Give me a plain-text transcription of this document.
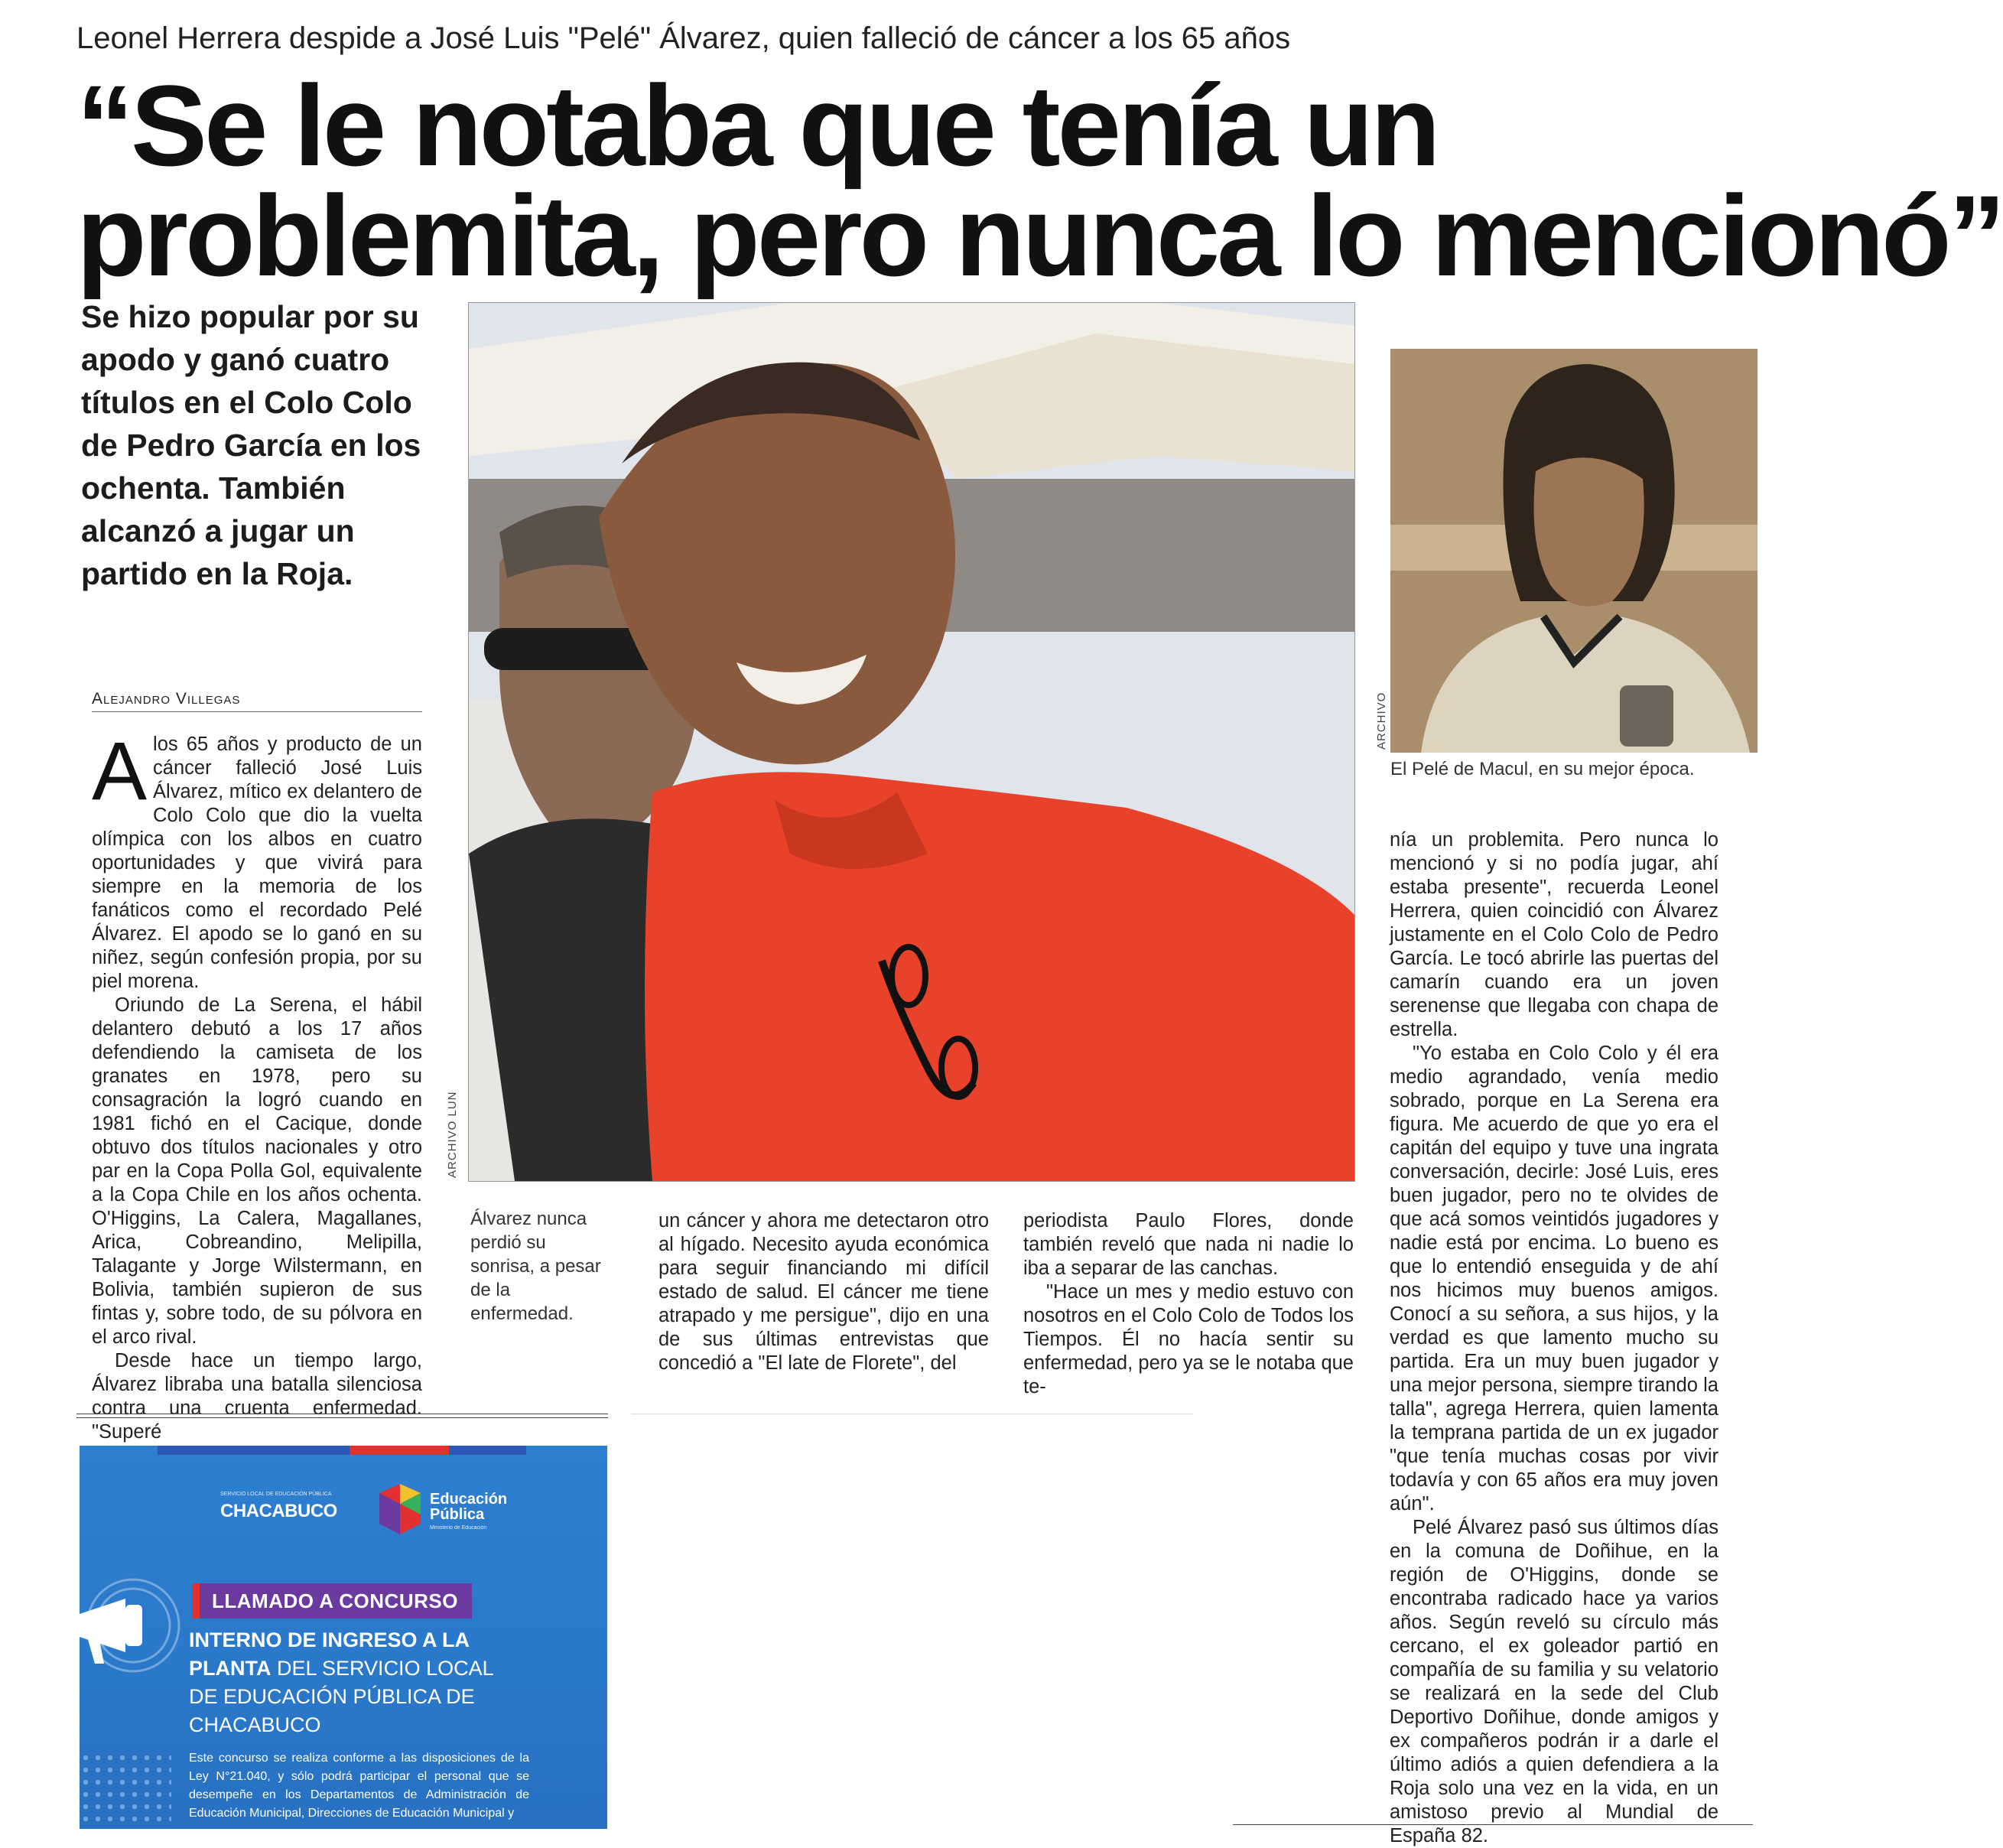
Leonel Herrera despide a José Luis "Pelé" Álvarez, quien falleció de cáncer a los 65 años
“Se le notaba que tenía un
problemita, pero nunca lo mencionó”
Se hizo popular por su apodo y ganó cuatro títulos en el Colo Colo de Pedro García en los ochenta. También alcanzó a jugar un partido en la Roja.
ARCHIVO LUN
Álvarez nunca perdió su sonrisa, a pesar de la enfermedad.
ARCHIVO
El Pelé de Macul, en su mejor época.
Alejandro Villegas

A los 65 años y producto de un cáncer falleció José Luis Álvarez, mítico ex delantero de Colo Colo que dio la vuelta olímpica con los albos en cuatro oportunidades y que vivirá para siempre en la memoria de los fanáticos como el recordado Pelé Álvarez. El apodo se lo ganó en su niñez, según confesión propia, por su piel morena.

Oriundo de La Serena, el hábil delantero debutó a los 17 años defendiendo la camiseta de los granates en 1978, pero su consagración la logró cuando en 1981 fichó en el Cacique, donde obtuvo dos títulos nacionales y otro par en la Copa Polla Gol, equivalente a la Copa Chile en los años ochenta. O'Higgins, La Calera, Magallanes, Arica, Cobreandino, Melipilla, Talagante y Jorge Wilstermann, en Bolivia, también supieron de sus fintas y, sobre todo, de su pólvora en el arco rival.

Desde hace un tiempo largo, Álvarez libraba una batalla silenciosa contra una cruenta enfermedad. "Superé

un cáncer y ahora me detectaron otro al hígado. Necesito ayuda económica para seguir financiando mi difícil estado de salud. El cáncer me tiene atrapado y me persigue", dijo en una de sus últimas entrevistas que concedió a "El late de Florete", del

periodista Paulo Flores, donde también reveló que nada ni nadie lo iba a separar de las canchas.

"Hace un mes y medio estuvo con nosotros en el Colo Colo de Todos los Tiempos. Él no hacía sentir su enfermedad, pero ya se le notaba que te-

nía un problemita. Pero nunca lo mencionó y si no podía jugar, ahí estaba presente", recuerda Leonel Herrera, quien coincidió con Álvarez justamente en el Colo Colo de Pedro García. Le tocó abrirle las puertas del camarín cuando era un joven serenense que llegaba con chapa de estrella.

"Yo estaba en Colo Colo y él era medio agrandado, venía medio sobrado, porque en La Serena era figura. Me acuerdo de que yo era el capitán del equipo y tuve una ingrata conversación, decirle: José Luis, eres buen jugador, pero no te olvides de que acá somos veintidós jugadores y nadie está por encima. Lo bueno es que lo entendió enseguida y de ahí nos hicimos muy buenos amigos. Conocí a su señora, a sus hijos, y la verdad es que lamento mucho su partida. Era un muy buen jugador y una mejor persona, siempre tirando la talla", agrega Herrera, quien lamenta la temprana partida de un ex jugador "que tenía muchas cosas por vivir todavía y con 65 años era muy joven aún".

Pelé Álvarez pasó sus últimos días en la comuna de Doñihue, en la región de O'Higgins, donde se encontraba radicado hace ya varios años. Según reveló su círculo más cercano, el ex goleador partió en compañía de su familia y su velatorio se realizará en la sede del Club Deportivo Doñihue, donde amigos y ex compañeros podrán ir a darle el último adiós a quien defendiera a la Roja solo una vez en la vida, en un amistoso previo al Mundial de España 82.

SERVICIO LOCAL DE EDUCACIÓN PÚBLICA
CHACABUCO
Educación
Pública
Ministerio de Educación
LLAMADO A CONCURSO
INTERNO DE INGRESO A LA PLANTA DEL SERVICIO LOCAL DE EDUCACIÓN PÚBLICA DE CHACABUCO
Este concurso se realiza conforme a las disposiciones de la Ley N°21.040, y sólo podrá participar el personal que se desempeñe en los Departamentos de Administración de Educación Municipal, Direcciones de Educación Municipal y
